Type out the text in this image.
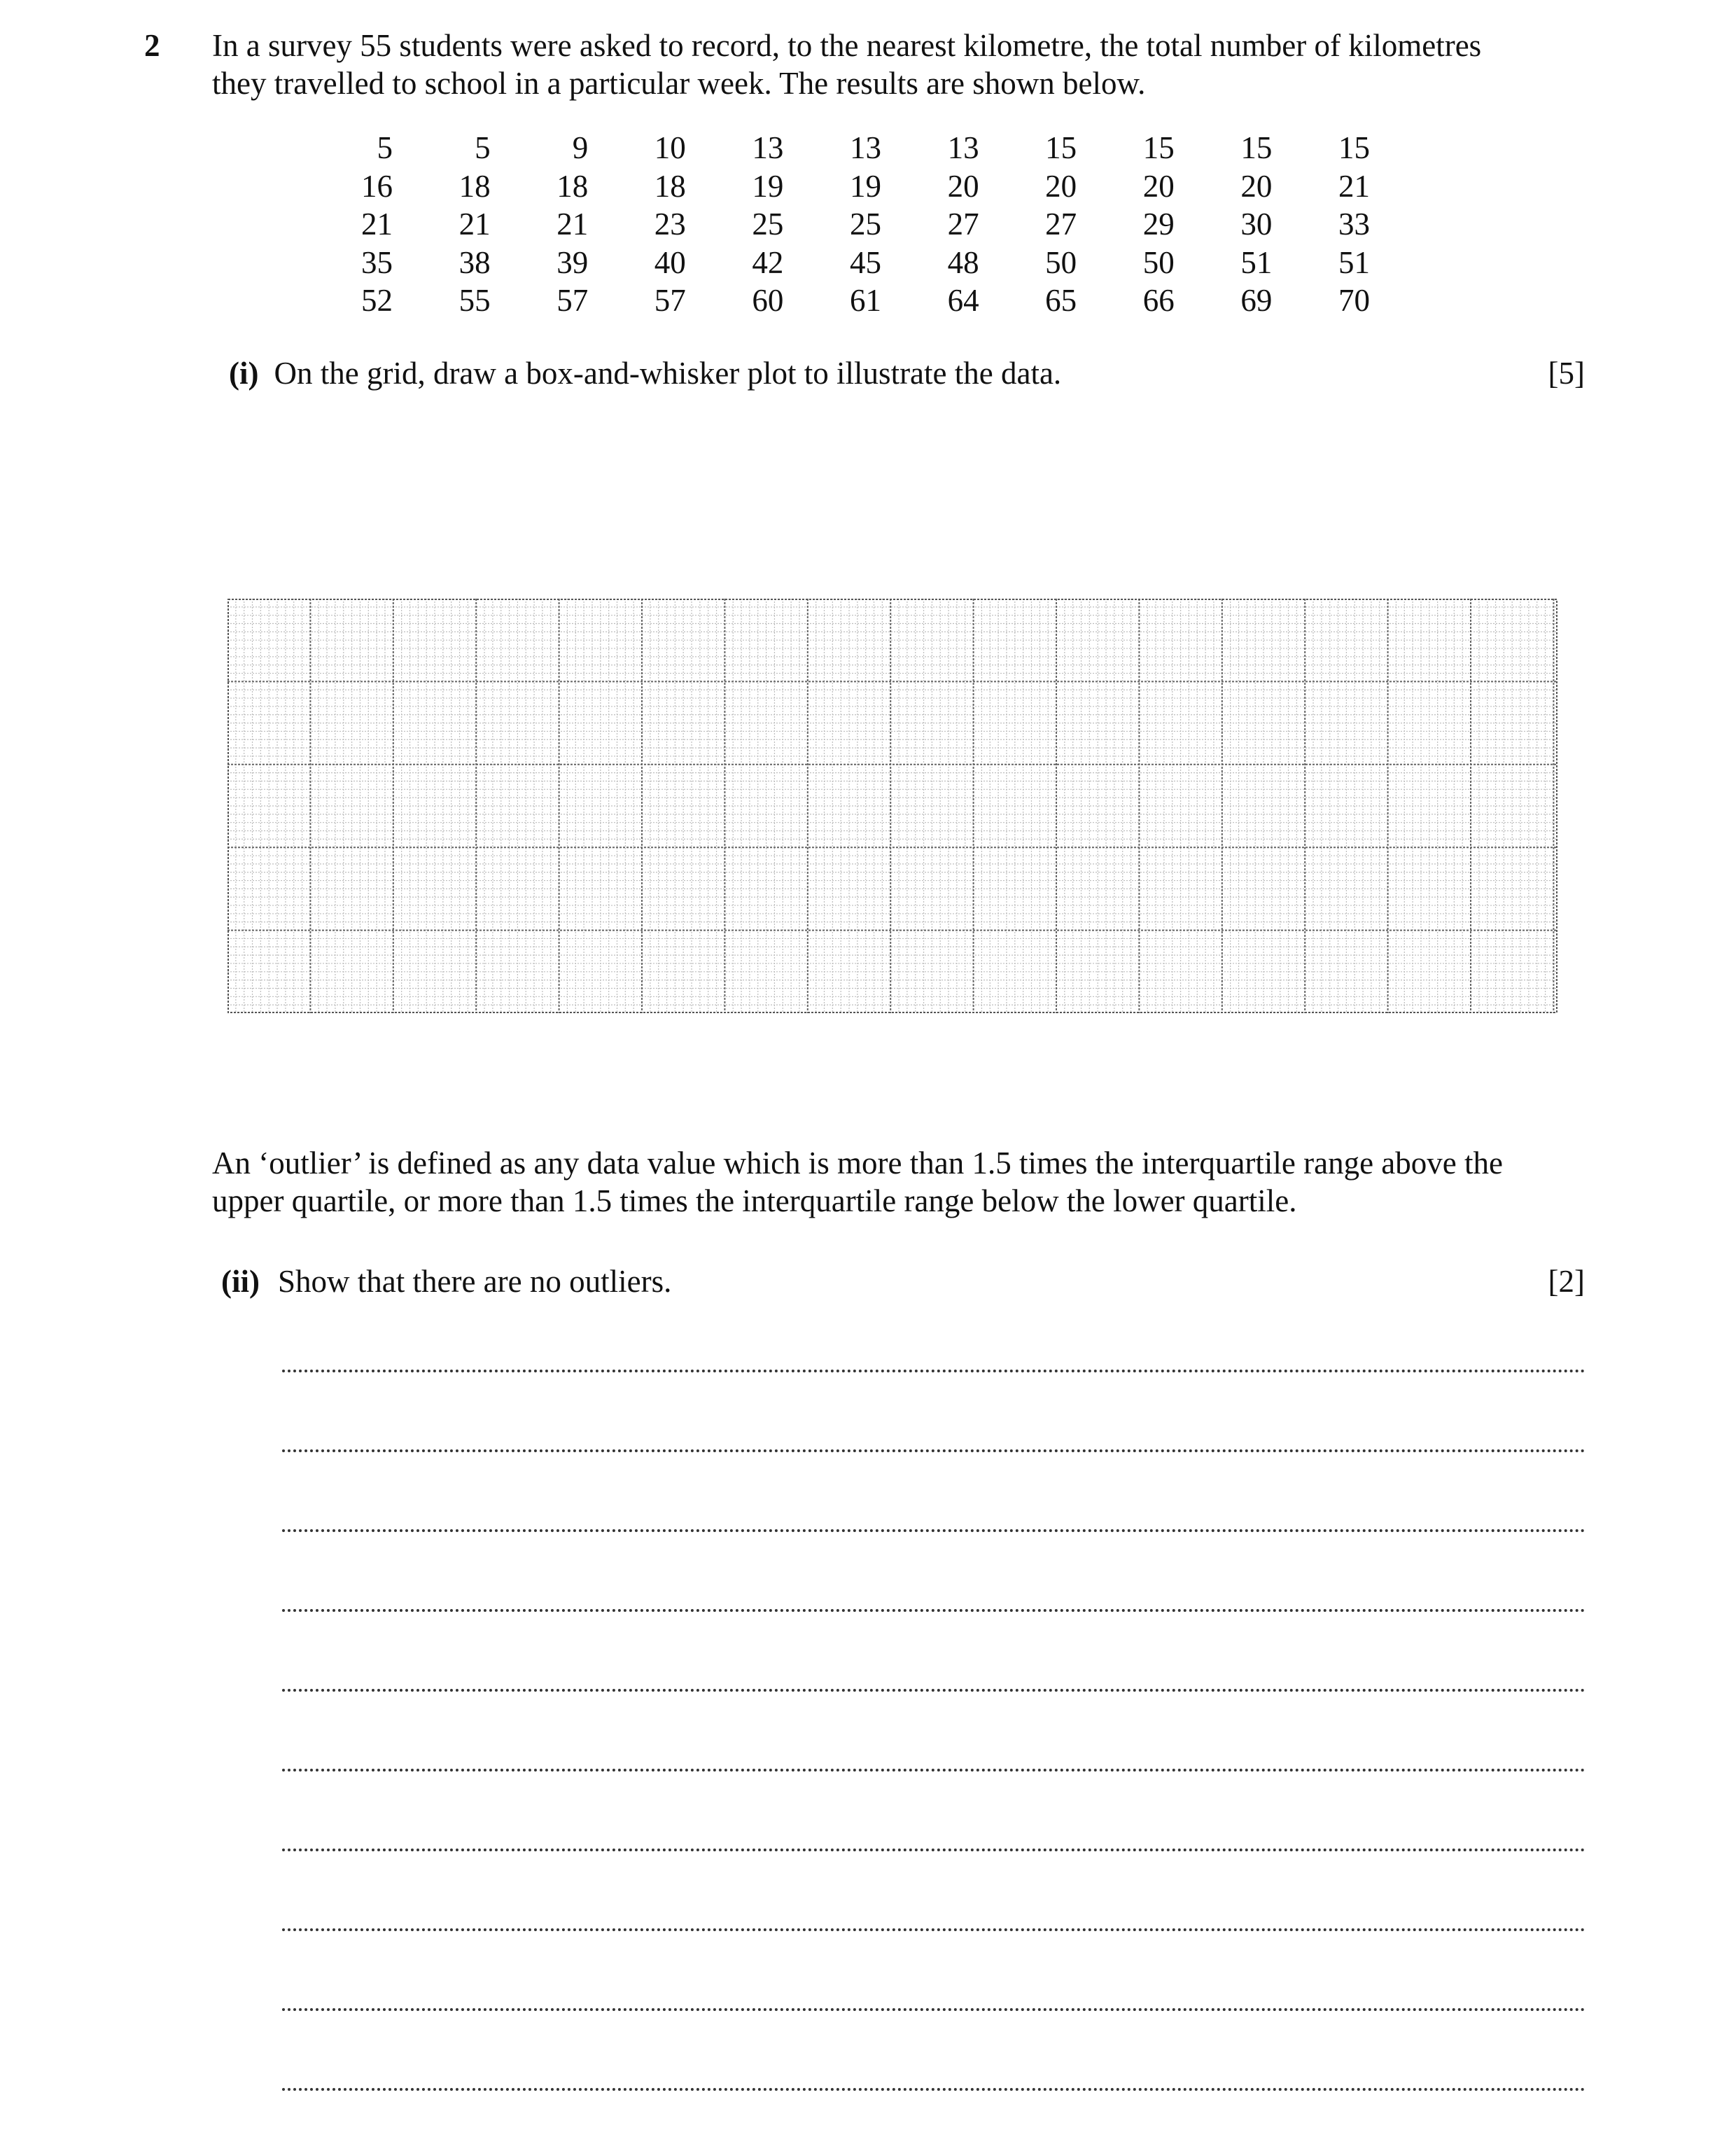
2 In a survey 55 students were asked to record, to the nearest kilometre, the total number of kilometres
they travelled to school in a particular week. The results are shown below.
5	5	9	10	13	13	13	15	15	15	15
16	18	18	18	19	19	20	20	20	20	21
21	21	21	23	25	25	27	27	29	30	33
35	38	39	40	42	45	48	50	50	51	51
52	55	57	57	60	61	64	65	66	69	70
(i) On the grid, draw a box-and-whisker plot to illustrate the data.	[5]
An ‘outlier’ is defined as any data value which is more than 1.5 times the interquartile range above the
upper quartile, or more than 1.5 times the interquartile range below the lower quartile.
(ii) Show that there are no outliers.	[2]
